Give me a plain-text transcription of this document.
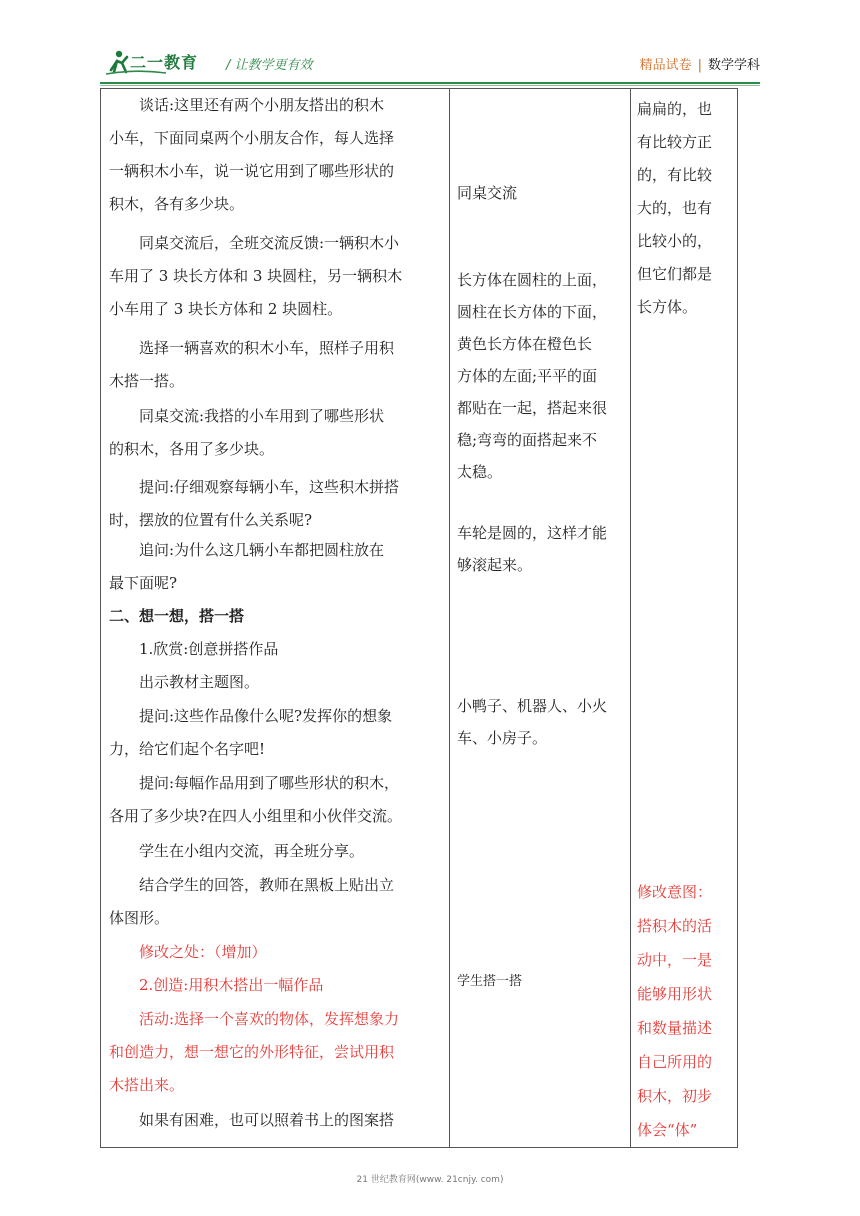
二一教育 / 让教学更有效	精品试卷 | 数学学科
谈话:这里还有两个小朋友搭出的积木
小车，下面同桌两个小朋友合作，每人选择
一辆积木小车，说一说它用到了哪些形状的
积木，各有多少块。
同桌交流后，全班交流反馈:一辆积木小
车用了 3 块长方体和 3 块圆柱，另一辆积木
小车用了 3 块长方体和 2 块圆柱。
选择一辆喜欢的积木小车，照样子用积
木搭一搭。
同桌交流:我搭的小车用到了哪些形状
的积木，各用了多少块。
提问:仔细观察每辆小车，这些积木拼搭
时，摆放的位置有什么关系呢?
追问:为什么这几辆小车都把圆柱放在
最下面呢?
二、想一想，搭一搭
1.欣赏:创意拼搭作品
出示教材主题图。
提问:这些作品像什么呢?发挥你的想象
力，给它们起个名字吧!
提问:每幅作品用到了哪些形状的积木，
各用了多少块?在四人小组里和小伙伴交流。
学生在小组内交流，再全班分享。
结合学生的回答，教师在黑板上贴出立
体图形。
修改之处：（增加）
2.创造:用积木搭出一幅作品
活动:选择一个喜欢的物体，发挥想象力
和创造力，想一想它的外形特征，尝试用积
木搭出来。
如果有困难，也可以照着书上的图案搭
同桌交流
长方体在圆柱的上面，
圆柱在长方体的下面，
黄色长方体在橙色长
方体的左面;平平的面
都贴在一起，搭起来很
稳;弯弯的面搭起来不
太稳。
车轮是圆的，这样才能
够滚起来。
小鸭子、机器人、小火
车、小房子。
学生搭一搭
扁扁的，也
有比较方正
的，有比较
大的，也有
比较小的，
但它们都是
长方体。
修改意图：
搭积木的活
动中，一是
能够用形状
和数量描述
自己所用的
积木，初步
体会“体”
21 世纪教育网(www. 21cnjy. com)
